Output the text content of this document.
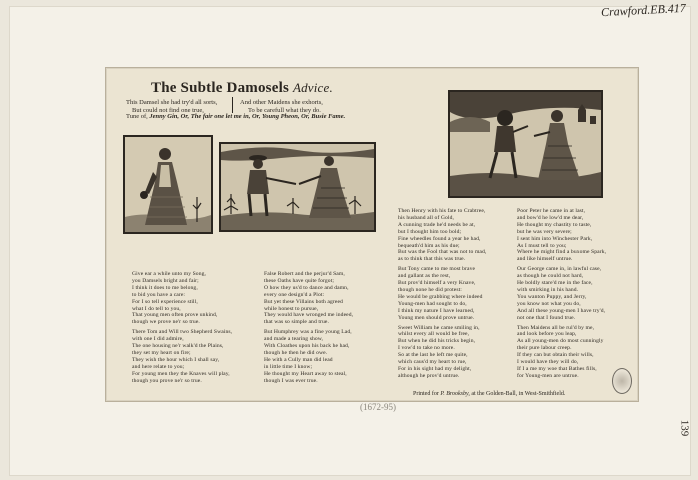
Crawford.EB.417
139
(1672-95)
The Subtle Damosels Advice.
This Damsel she had try'd all sorts,
But could not find one true,
And other Maidens she exhorts,
To be carefull what they do.
Tune of, Jenny Gin, Or, The fair one let me in, Or, Young Pheon, Or, Busie Fame.
Give ear a while unto my Song,
you Damsels bright and fair;
I think it does to me belong,
to bid you have a care:
For I so tell experience still,
what I do tell to you,
That young men often prove unkind,
though we prove ne'r so true.
There Tom and Will two Shepherd Swains,
with one I did admire,
The one housing ne'r walk'd the Plains,
they set my heart on fire;
They wish the hour which I shall say,
and here relate to you;
For young men they the Knaves will play,
though you prove ne'r so true.
False Robert and the perjur'd Sam,
these Oaths have quite forgot;
O how they us'd to dance and damn,
every one design'd a Plot:
But yet these Villains both agreed
while honest to pursue,
They would have wronged me indeed,
that was so simple and true.
But Humphrey was a fine young Lad,
and made a tearing show,
With Cloathes upon his back he had,
though he then he did owe.
He with a Cully man did lead
in little time I know;
He thought my Heart away to steal,
though I was ever true.
Then Henry with his fate to Crabtree,
his husband all of Gold,
A cunning trade he'd needs be at,
but I thought him too bold;
Fine wheedles found a year he had,
bequeath'd him as his due;
But was the Fool that was not to mad,
as to think that this was true.
But Tony came to me most brave
and gallant as the rest,
But prov'd himself a very Knave,
though none he did protest:
He would be grabbing where indeed
Young-men had sought to do,
I think my nature I have learned,
Young men should prove untrue.
Sweet William he came smiling in,
whilst every all would be free,
But when he did his tricks begin,
I vow'd to take no more.
So at the last he left me quite,
which caus'd my heart to rue,
For in his sight had my delight,
although he prov'd untrue.
Poor Peter he came in at last,
and bow'd he low'd me dear,
He thought my chastity to taste,
but he was very severe;
I sent him into Winchester Park,
As I must tell to you;
Where he might find a buxome Spark,
and like himself untrue.
Our George came in, in lawful case,
as though he could not hard,
He boldly stare'd me in the face,
with smirking in his hand.
You wanton Puppy, and Jerry,
you know not what you do,
And all these young-men I have try'd,
not one that I found true.
Then Maidens all be rul'd by me,
and look before you leap,
As all young-men do most cunningly
their pure labour creep.
If they can but obtain their wills,
I would have they will do,
If I a me my woe that Bathes fills,
for Young-men are untrue.
Printed for P. Brooksby, at the Golden-Ball, in West-Smithfield.
